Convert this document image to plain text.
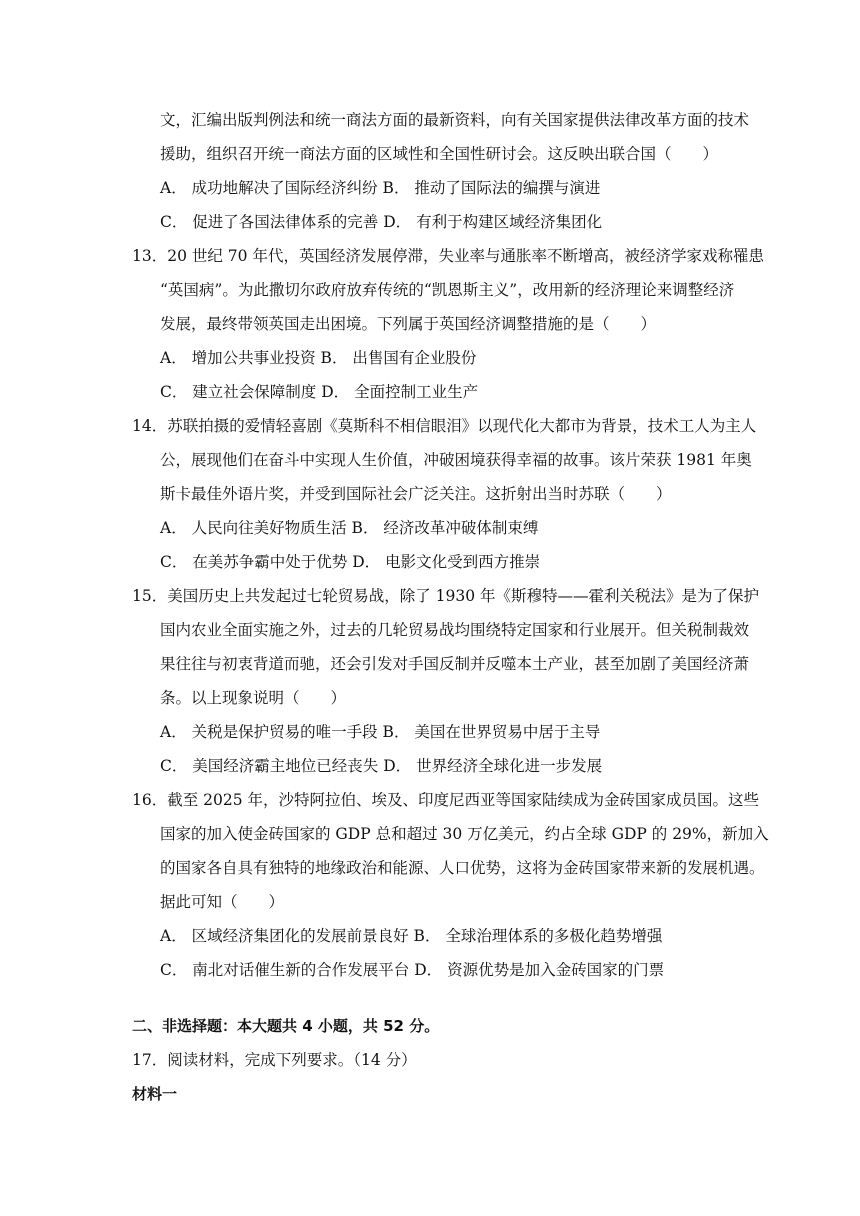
文，汇编出版判例法和统一商法方面的最新资料，向有关国家提供法律改革方面的技术
援助，组织召开统一商法方面的区域性和全国性研讨会。这反映出联合国（　　）
A． 成功地解决了国际经济纠纷 B． 推动了国际法的编撰与演进
C． 促进了各国法律体系的完善 D． 有利于构建区域经济集团化
13．20 世纪 70 年代，英国经济发展停滞，失业率与通胀率不断增高，被经济学家戏称罹患
“英国病”。为此撒切尔政府放弃传统的“凯恩斯主义”，改用新的经济理论来调整经济
发展，最终带领英国走出困境。下列属于英国经济调整措施的是（　　）
A． 增加公共事业投资 B． 出售国有企业股份
C． 建立社会保障制度 D． 全面控制工业生产
14．苏联拍摄的爱情轻喜剧《莫斯科不相信眼泪》以现代化大都市为背景，技术工人为主人
公，展现他们在奋斗中实现人生价值，冲破困境获得幸福的故事。该片荣获 1981 年奥
斯卡最佳外语片奖，并受到国际社会广泛关注。这折射出当时苏联（　　）
A． 人民向往美好物质生活 B． 经济改革冲破体制束缚
C． 在美苏争霸中处于优势 D． 电影文化受到西方推崇
15．美国历史上共发起过七轮贸易战，除了 1930 年《斯穆特——霍利关税法》是为了保护
国内农业全面实施之外，过去的几轮贸易战均围绕特定国家和行业展开。但关税制裁效
果往往与初衷背道而驰，还会引发对手国反制并反噬本土产业，甚至加剧了美国经济萧
条。以上现象说明（　　）
A． 关税是保护贸易的唯一手段 B． 美国在世界贸易中居于主导
C． 美国经济霸主地位已经丧失 D． 世界经济全球化进一步发展
16．截至 2025 年，沙特阿拉伯、埃及、印度尼西亚等国家陆续成为金砖国家成员国。这些
国家的加入使金砖国家的 GDP 总和超过 30 万亿美元，约占全球 GDP 的 29%，新加入
的国家各自具有独特的地缘政治和能源、人口优势，这将为金砖国家带来新的发展机遇。
据此可知（　　）
A． 区域经济集团化的发展前景良好 B． 全球治理体系的多极化趋势增强
C． 南北对话催生新的合作发展平台 D． 资源优势是加入金砖国家的门票
二、非选择题：本大题共 4 小题，共 52 分。
17．阅读材料，完成下列要求。（14 分）
材料一
